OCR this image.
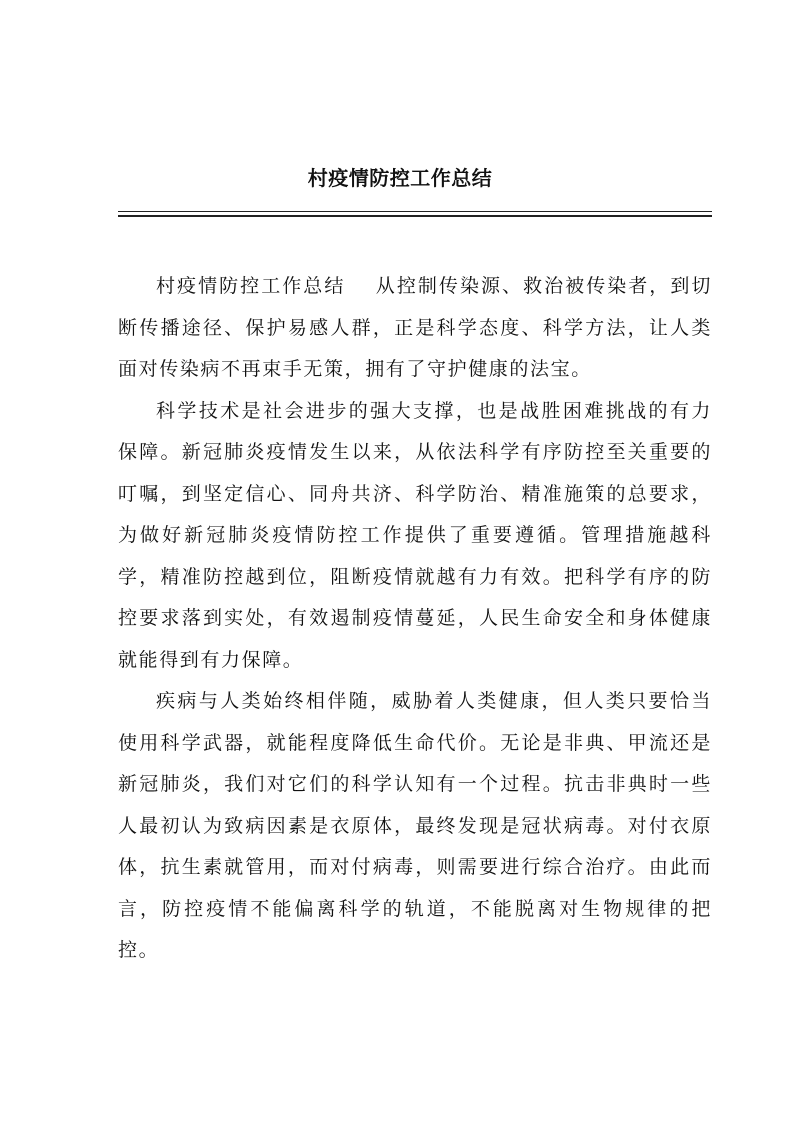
村疫情防控工作总结

村疫情防控工作总结 从控制传染源、救治被传染者，到切断传播途径、保护易感人群，正是科学态度、科学方法，让人类面对传染病不再束手无策，拥有了守护健康的法宝。

科学技术是社会进步的强大支撑，也是战胜困难挑战的有力保障。新冠肺炎疫情发生以来，从依法科学有序防控至关重要的叮嘱，到坚定信心、同舟共济、科学防治、精准施策的总要求，为做好新冠肺炎疫情防控工作提供了重要遵循。管理措施越科学，精准防控越到位，阻断疫情就越有力有效。把科学有序的防控要求落到实处，有效遏制疫情蔓延，人民生命安全和身体健康就能得到有力保障。

疾病与人类始终相伴随，威胁着人类健康，但人类只要恰当使用科学武器，就能程度降低生命代价。无论是非典、甲流还是新冠肺炎，我们对它们的科学认知有一个过程。抗击非典时一些人最初认为致病因素是衣原体，最终发现是冠状病毒。对付衣原体，抗生素就管用，而对付病毒，则需要进行综合治疗。由此而言，防控疫情不能偏离科学的轨道，不能脱离对生物规律的把控。
